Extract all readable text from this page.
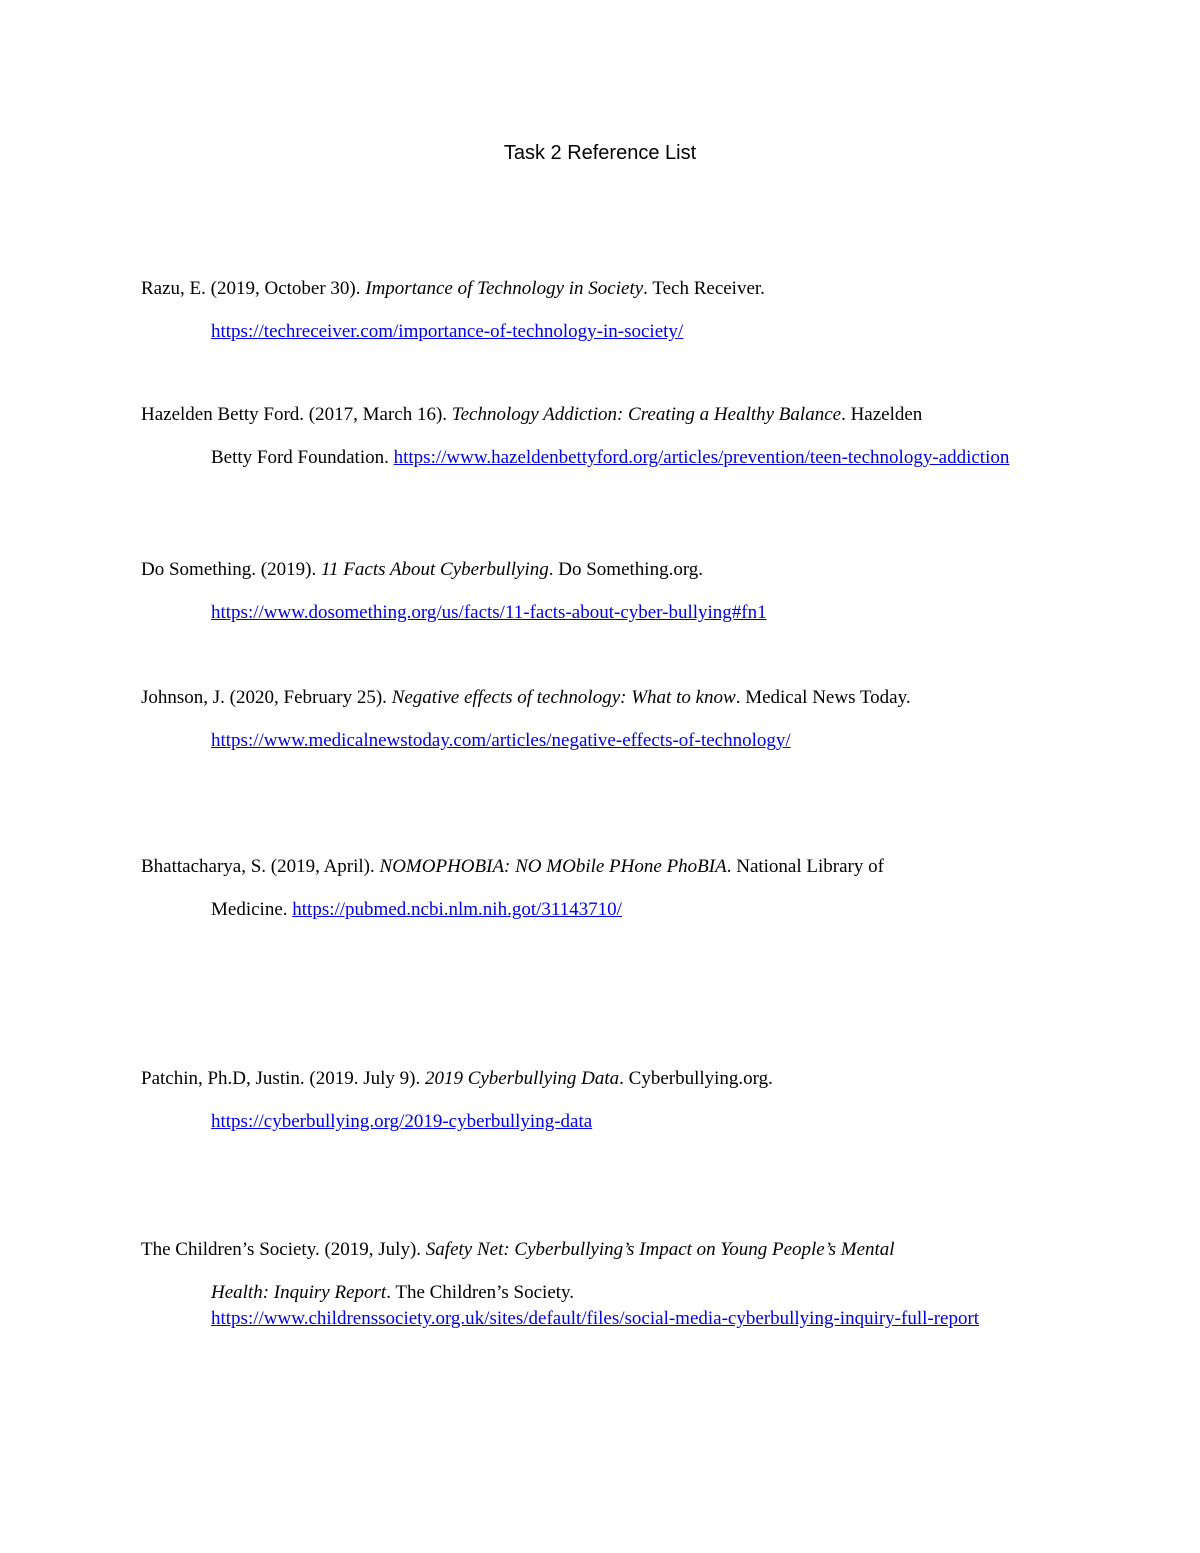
Task 2 Reference List
Razu, E. (2019, October 30). Importance of Technology in Society. Tech Receiver.
https://techreceiver.com/importance-of-technology-in-society/
Hazelden Betty Ford. (2017, March 16). Technology Addiction: Creating a Healthy Balance. Hazelden
Betty Ford Foundation. https://www.hazeldenbettyford.org/articles/prevention/teen-technology-addiction
Do Something. (2019). 11 Facts About Cyberbullying. Do Something.org.
https://www.dosomething.org/us/facts/11-facts-about-cyber-bullying#fn1
Johnson, J. (2020, February 25). Negative effects of technology: What to know. Medical News Today.
https://www.medicalnewstoday.com/articles/negative-effects-of-technology/
Bhattacharya, S. (2019, April). NOMOPHOBIA: NO MObile PHone PhoBIA. National Library of
Medicine. https://pubmed.ncbi.nlm.nih.got/31143710/
Patchin, Ph.D, Justin. (2019. July 9). 2019 Cyberbullying Data. Cyberbullying.org.
https://cyberbullying.org/2019-cyberbullying-data
The Children’s Society. (2019, July). Safety Net: Cyberbullying’s Impact on Young People’s Mental
Health: Inquiry Report. The Children’s Society.
https://www.childrenssociety.org.uk/sites/default/files/social-media-cyberbullying-inquiry-full-report
